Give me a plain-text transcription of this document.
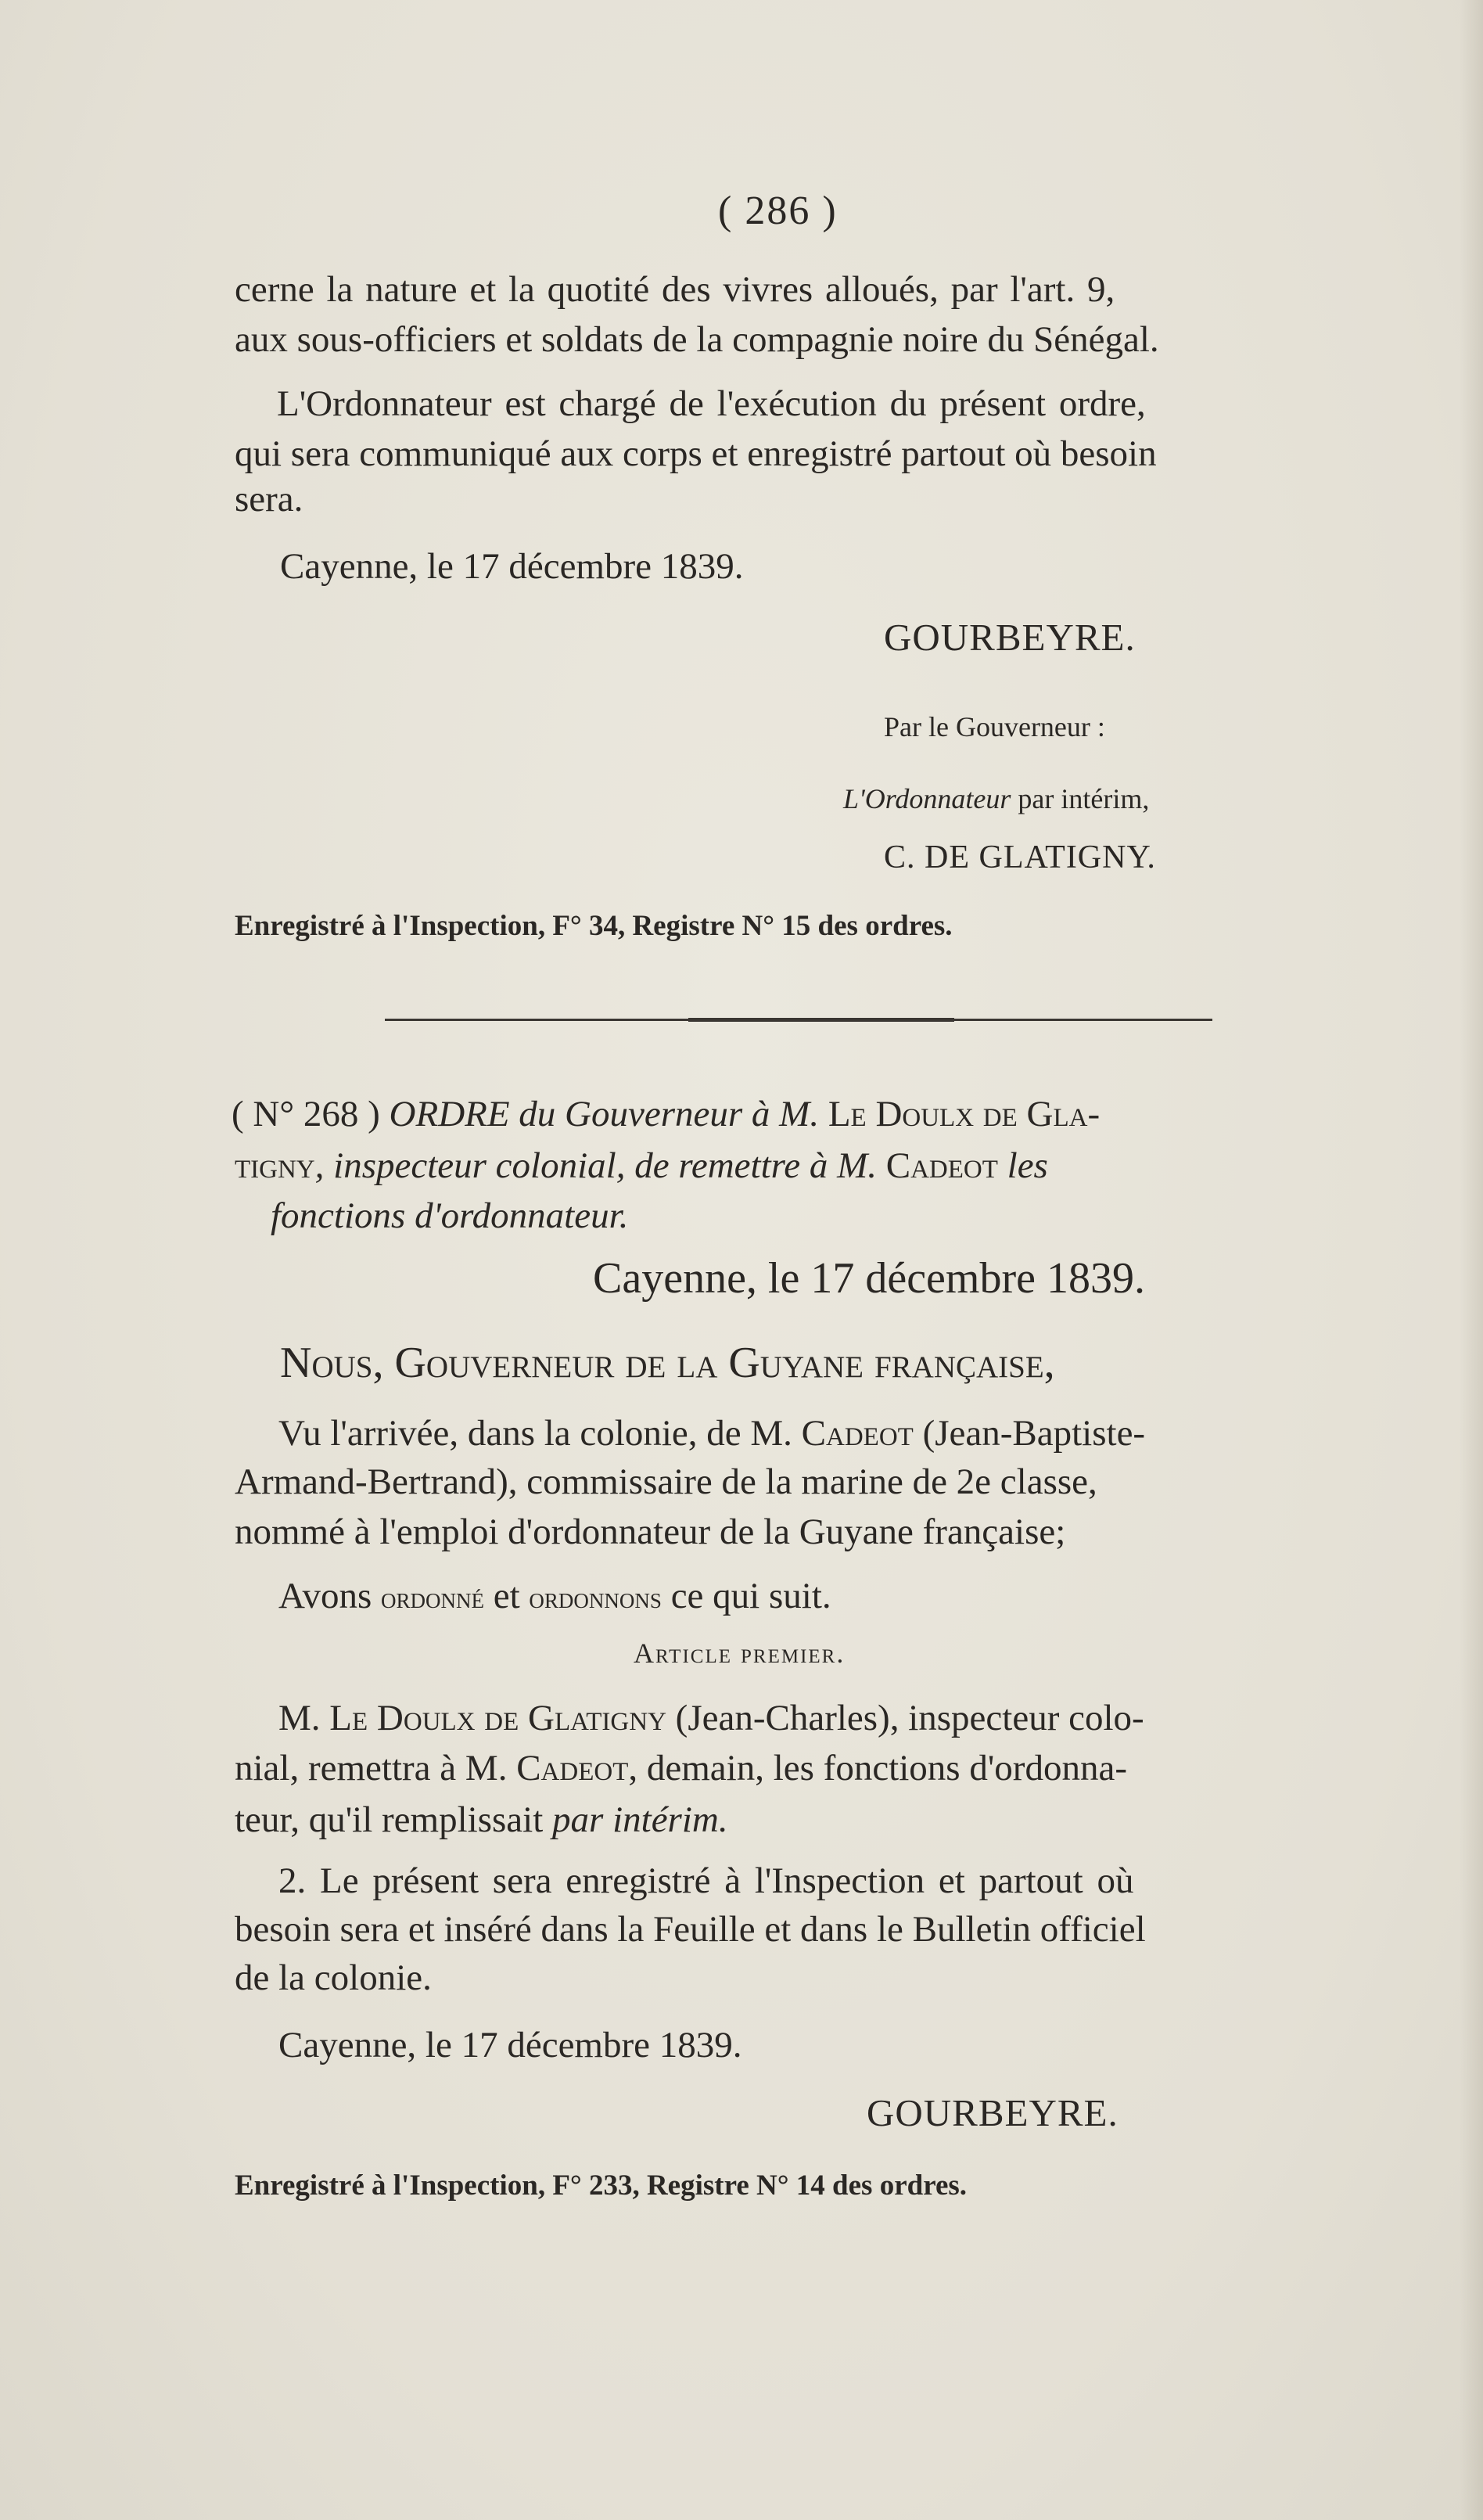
( 286 )
cerne la nature et la quotité des vivres alloués, par l'art. 9,
aux sous-officiers et soldats de la compagnie noire du Sénégal.
L'Ordonnateur est chargé de l'exécution du présent ordre,
qui sera communiqué aux corps et enregistré partout où besoin
sera.
Cayenne, le 17 décembre 1839.
GOURBEYRE.
Par le Gouverneur :
L'Ordonnateur par intérim,
C. DE GLATIGNY.
Enregistré à l'Inspection, F° 34, Registre N° 15 des ordres.
( N° 268 ) ORDRE du Gouverneur à M. Le Doulx de Gla-
tigny, inspecteur colonial, de remettre à M. Cadeot les
fonctions d'ordonnateur.
Cayenne, le 17 décembre 1839.
Nous, Gouverneur de la Guyane française,
Vu l'arrivée, dans la colonie, de M. Cadeot (Jean-Baptiste-
Armand-Bertrand), commissaire de la marine de 2e classe,
nommé à l'emploi d'ordonnateur de la Guyane française;
Avons ordonné et ordonnons ce qui suit.
Article premier.
M. Le Doulx de Glatigny (Jean-Charles), inspecteur colo-
nial, remettra à M. Cadeot, demain, les fonctions d'ordonna-
teur, qu'il remplissait par intérim.
2. Le présent sera enregistré à l'Inspection et partout où
besoin sera et inséré dans la Feuille et dans le Bulletin officiel
de la colonie.
Cayenne, le 17 décembre 1839.
GOURBEYRE.
Enregistré à l'Inspection, F° 233, Registre N° 14 des ordres.
